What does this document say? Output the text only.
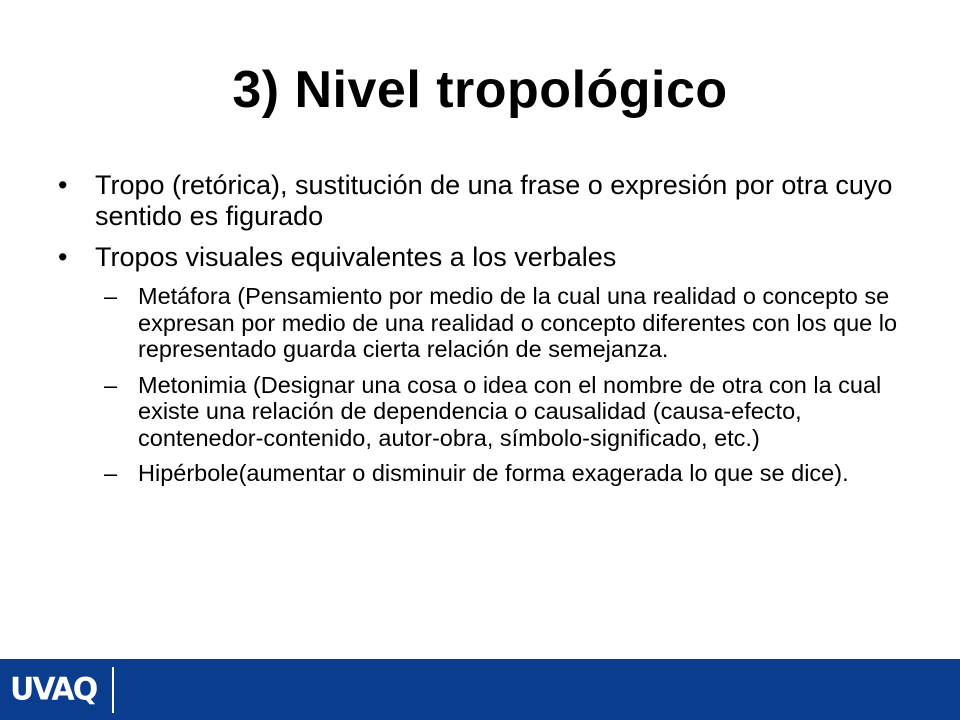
3) Nivel tropológico
• Tropo (retórica), sustitución de una frase o expresión por otra cuyo sentido es figurado
• Tropos visuales equivalentes a los verbales
– Metáfora (Pensamiento por medio de la cual una realidad o concepto se expresan por medio de una realidad o concepto diferentes con los que lo representado guarda cierta relación de semejanza.
– Metonimia (Designar una cosa o idea con el nombre de otra con la cual existe una relación de dependencia o causalidad (causa-efecto, contenedor-contenido, autor-obra, símbolo-significado, etc.)
– Hipérbole(aumentar o disminuir de forma exagerada lo que se dice).
UVAQ
